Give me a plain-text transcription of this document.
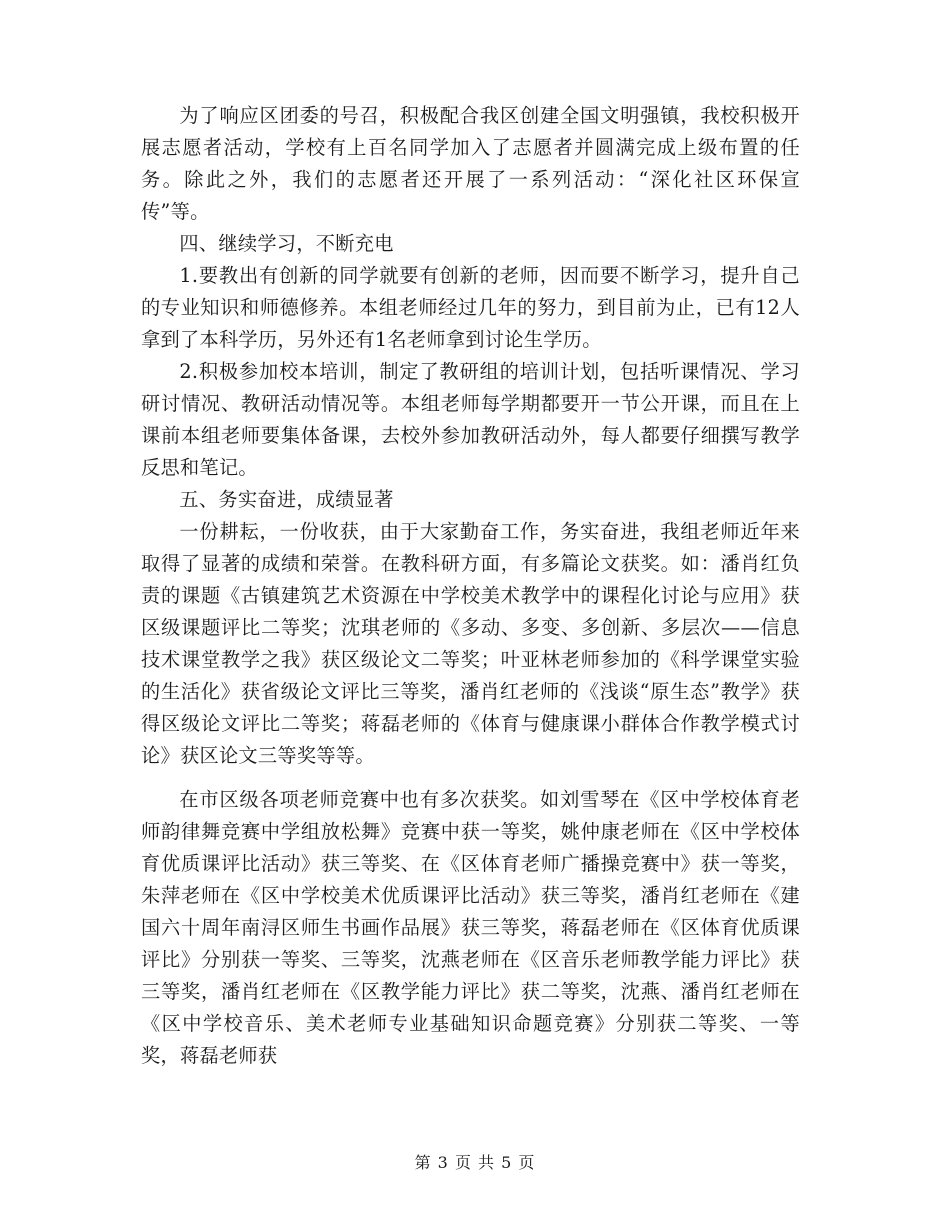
为了响应区团委的号召，积极配合我区创建全国文明强镇，我校积极开展志愿者活动，学校有上百名同学加入了志愿者并圆满完成上级布置的任务。除此之外，我们的志愿者还开展了一系列活动：“深化社区环保宣传”等。

四、继续学习，不断充电

1.要教出有创新的同学就要有创新的老师，因而要不断学习，提升自己的专业知识和师德修养。本组老师经过几年的努力，到目前为止，已有12人拿到了本科学历，另外还有1名老师拿到讨论生学历。

2.积极参加校本培训，制定了教研组的培训计划，包括听课情况、学习研讨情况、教研活动情况等。本组老师每学期都要开一节公开课，而且在上课前本组老师要集体备课，去校外参加教研活动外，每人都要仔细撰写教学反思和笔记。

五、务实奋进，成绩显著

一份耕耘，一份收获，由于大家勤奋工作，务实奋进，我组老师近年来取得了显著的成绩和荣誉。在教科研方面，有多篇论文获奖。如：潘肖红负责的课题《古镇建筑艺术资源在中学校美术教学中的课程化讨论与应用》获区级课题评比二等奖；沈琪老师的《多动、多变、多创新、多层次——信息技术课堂教学之我》获区级论文二等奖；叶亚林老师参加的《科学课堂实验的生活化》获省级论文评比三等奖，潘肖红老师的《浅谈“原生态”教学》获得区级论文评比二等奖；蒋磊老师的《体育与健康课小群体合作教学模式讨论》获区论文三等奖等等。

在市区级各项老师竞赛中也有多次获奖。如刘雪琴在《区中学校体育老师韵律舞竞赛中学组放松舞》竞赛中获一等奖，姚仲康老师在《区中学校体育优质课评比活动》获三等奖、在《区体育老师广播操竞赛中》获一等奖，朱萍老师在《区中学校美术优质课评比活动》获三等奖，潘肖红老师在《建国六十周年南浔区师生书画作品展》获三等奖，蒋磊老师在《区体育优质课评比》分别获一等奖、三等奖，沈燕老师在《区音乐老师教学能力评比》获三等奖，潘肖红老师在《区教学能力评比》获二等奖，沈燕、潘肖红老师在《区中学校音乐、美术老师专业基础知识命题竞赛》分别获二等奖、一等奖，蒋磊老师获

第 3 页 共 5 页
